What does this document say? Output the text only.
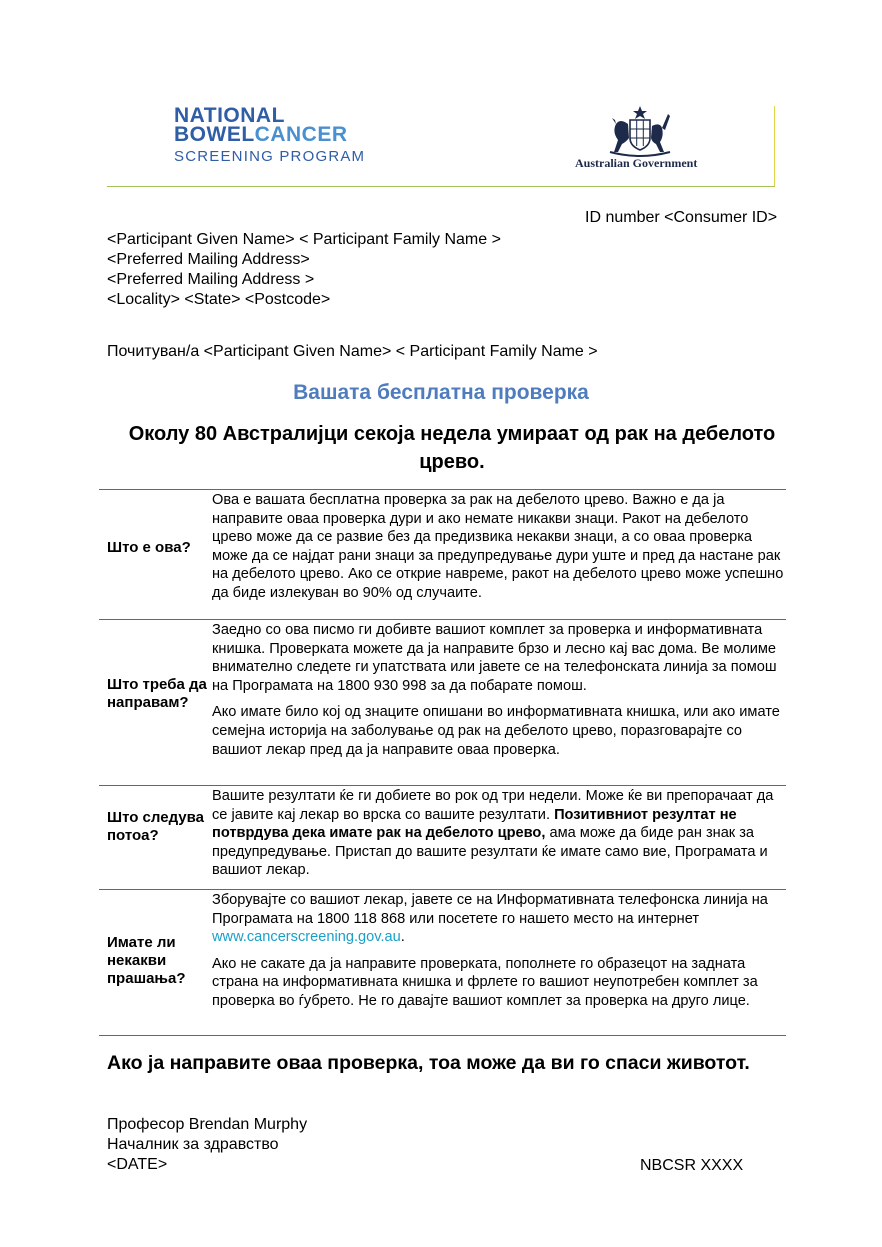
NATIONAL
BOWELCANCER
SCREENING PROGRAM	Australian Government
ID number <Consumer ID>
<Participant Given Name> < Participant Family Name >
<Preferred Mailing Address>
<Preferred Mailing Address >
<Locality> <State> <Postcode>
Почитуван/а <Participant Given Name> < Participant Family Name >
Вашата бесплатна проверка
Околу 80 Австралијци секоја недела умираат од рак на дебелото црево.
Што е ова?

Ова е вашата бесплатна проверка за рак на дебелото црево. Важно е да ја направите оваа проверка дури и ако немате никакви знаци. Ракот на дебелото црево може да се развие без да предизвика некакви знаци, а со оваа проверка може да се најдат рани знаци за предупредување дури уште и пред да настане рак на дебелото црево. Ако се открие навреме, ракот на дебелото црево може успешно да биде излекуван во 90% од случаите.

Што треба да направам?

Заедно со ова писмо ги добивте вашиот комплет за проверка и информативната книшка. Проверката можете да ја направите брзо и лесно кај вас дома. Ве молиме внимателно следете ги упатствата или јавете се на телефонската линија за помош на Програмата на 1800 930 998 за да побарате помош.

Ако имате било кој од знаците опишани во информативната книшка, или ако имате семејна историја на заболување од рак на дебелото црево, поразговарајте со вашиот лекар пред да ја направите оваа проверка.

Што следува потоа?

Вашите резултати ќе ги добиете во рок од три недели. Може ќе ви препорачаат да се јавите кај лекар во врска со вашите резултати. Позитивниот резултат не потврдува дека имате рак на дебелото црево, ама може да биде ран знак за предупредување. Пристап до вашите резултати ќе имате само вие, Програмата и вашиот лекар.

Имате ли некакви прашања?

Зборувајте со вашиот лекар, јавете се на Информативната телефонска линија на Програмата на 1800 118 868 или посетете го нашето место на интернет www.cancerscreening.gov.au.

Ако не сакате да ја направите проверката, пополнете го образецот на задната страна на информативната книшка и фрлете го вашиот неупотребен комплет за проверка во ѓубрето. Не го давајте вашиот комплет за проверка на друго лице.

Ако ја направите оваа проверка, тоа може да ви го спаси животот.
Професор Brendan Murphy
Началник за здравство
<DATE>	NBCSR XXXX
